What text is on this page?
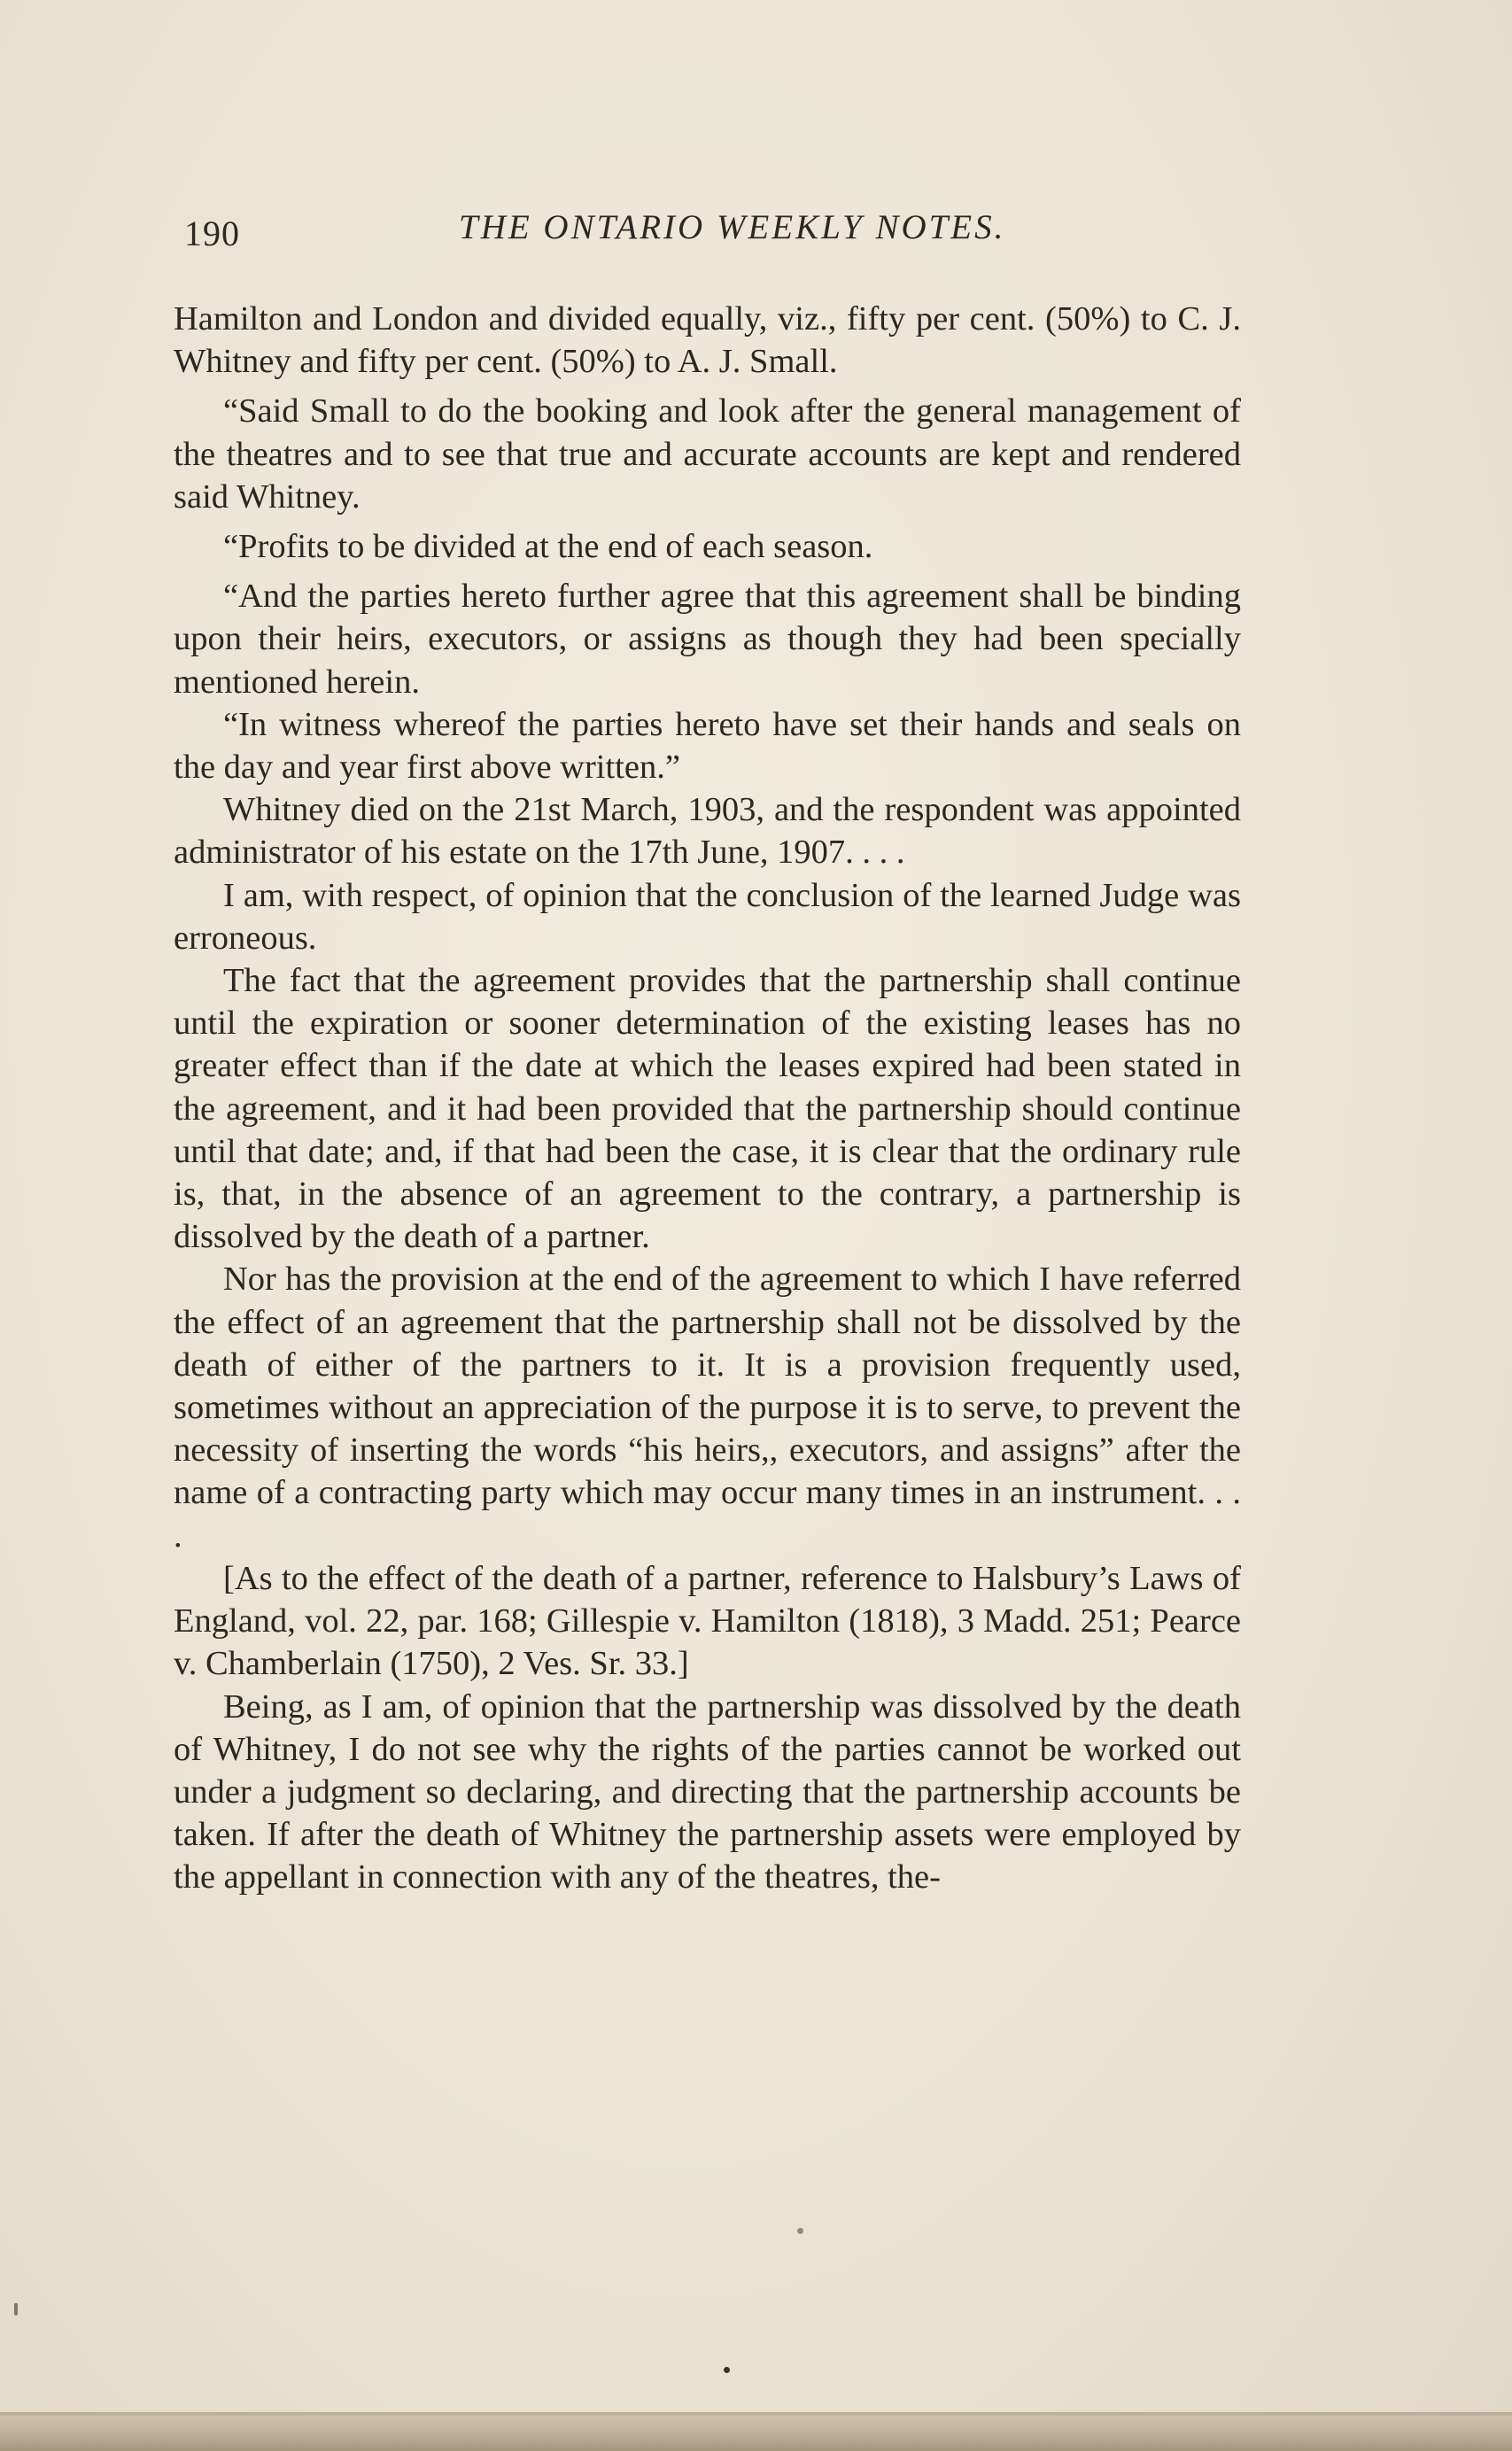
190	THE ONTARIO WEEKLY NOTES.

Hamilton and London and divided equally, viz., fifty per cent. (50%) to C. J. Whitney and fifty per cent. (50%) to A. J. Small.

“Said Small to do the booking and look after the general management of the theatres and to see that true and accurate accounts are kept and rendered said Whitney.

“Profits to be divided at the end of each season.

“And the parties hereto further agree that this agreement shall be binding upon their heirs, executors, or assigns as though they had been specially mentioned herein.

“In witness whereof the parties hereto have set their hands and seals on the day and year first above written.”

Whitney died on the 21st March, 1903, and the respondent was appointed administrator of his estate on the 17th June, 1907. . . .

I am, with respect, of opinion that the conclusion of the learned Judge was erroneous.

The fact that the agreement provides that the partnership shall continue until the expiration or sooner determination of the existing leases has no greater effect than if the date at which the leases expired had been stated in the agreement, and it had been provided that the partnership should continue until that date; and, if that had been the case, it is clear that the ordinary rule is, that, in the absence of an agreement to the contrary, a partnership is dissolved by the death of a partner.

Nor has the provision at the end of the agreement to which I have referred the effect of an agreement that the partnership shall not be dissolved by the death of either of the partners to it. It is a provision frequently used, sometimes without an appreciation of the purpose it is to serve, to prevent the necessity of inserting the words “his heirs,, executors, and assigns” after the name of a contracting party which may occur many times in an instrument. . . .

[As to the effect of the death of a partner, reference to Halsbury’s Laws of England, vol. 22, par. 168; Gillespie v. Hamilton (1818), 3 Madd. 251; Pearce v. Chamberlain (1750), 2 Ves. Sr. 33.]

Being, as I am, of opinion that the partnership was dissolved by the death of Whitney, I do not see why the rights of the parties cannot be worked out under a judgment so declaring, and directing that the partnership accounts be taken. If after the death of Whitney the partnership assets were employed by the appellant in connection with any of the theatres, the-
